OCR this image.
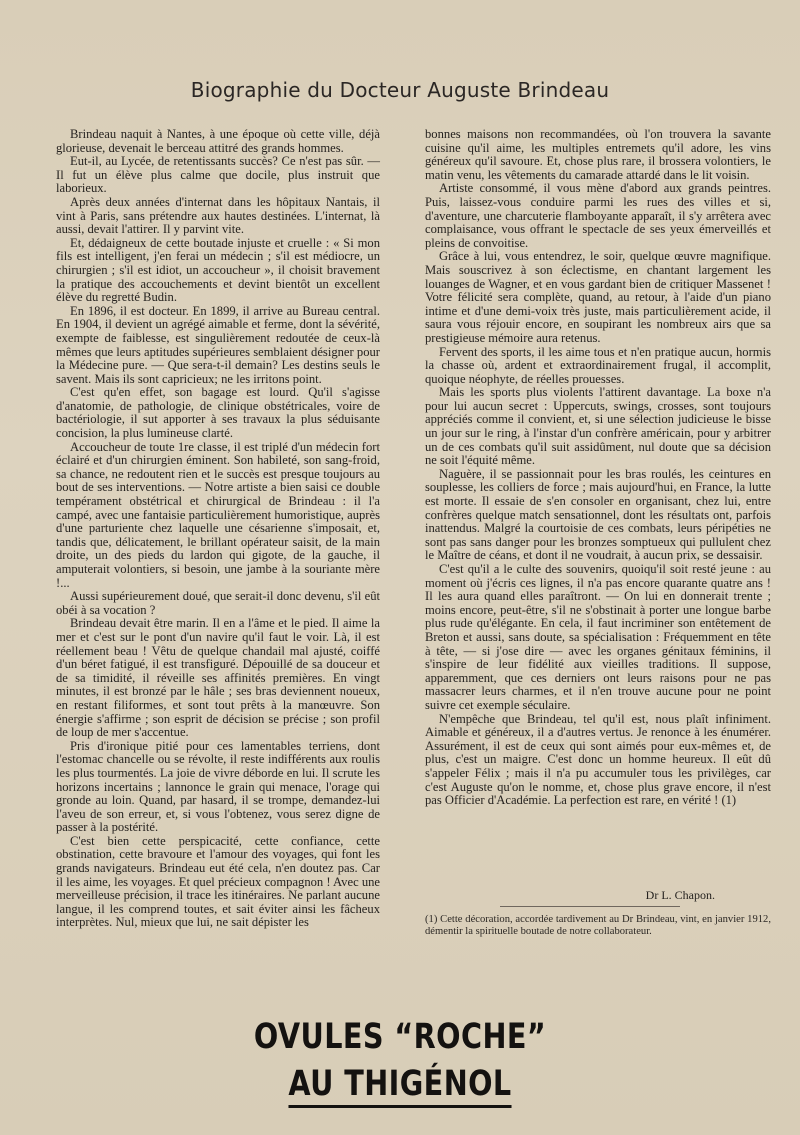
Biographie du Docteur Auguste Brindeau

Brindeau naquit à Nantes, à une époque où cette ville, déjà glorieuse, devenait le berceau attitré des grands hommes.

Eut-il, au Lycée, de retentissants succès? Ce n'est pas sûr. — Il fut un élève plus calme que docile, plus instruit que laborieux.

Après deux années d'internat dans les hôpitaux Nantais, il vint à Paris, sans prétendre aux hautes destinées. L'internat, là aussi, devait l'attirer. Il y parvint vite.

Et, dédaigneux de cette boutade injuste et cruelle : « Si mon fils est intelligent, j'en ferai un médecin ; s'il est médiocre, un chirurgien ; s'il est idiot, un accoucheur », il choisit bravement la pratique des accouchements et devint bientôt un excellent élève du regretté Budin.

En 1896, il est docteur. En 1899, il arrive au Bureau central. En 1904, il devient un agrégé aimable et ferme, dont la sévérité, exempte de faiblesse, est singulièrement redoutée de ceux-là mêmes que leurs aptitudes supérieures semblaient désigner pour la Médecine pure. — Que sera-t-il demain? Les destins seuls le savent. Mais ils sont capricieux; ne les irritons point.

C'est qu'en effet, son bagage est lourd. Qu'il s'agisse d'anatomie, de pathologie, de clinique obstétricales, voire de bactériologie, il sut apporter à ses travaux la plus séduisante concision, la plus lumineuse clarté.

Accoucheur de toute 1re classe, il est triplé d'un médecin fort éclairé et d'un chirurgien éminent. Son habileté, son sang-froid, sa chance, ne redoutent rien et le succès est presque toujours au bout de ses interventions. — Notre artiste a bien saisi ce double tempérament obstétrical et chirurgical de Brindeau : il l'a campé, avec une fantaisie particulièrement humoristique, auprès d'une parturiente chez laquelle une césarienne s'imposait, et, tandis que, délicatement, le brillant opérateur saisit, de la main droite, un des pieds du lardon qui gigote, de la gauche, il amputerait volontiers, si besoin, une jambe à la souriante mère !...

Aussi supérieurement doué, que serait-il donc devenu, s'il eût obéi à sa vocation ?

Brindeau devait être marin. Il en a l'âme et le pied. Il aime la mer et c'est sur le pont d'un navire qu'il faut le voir. Là, il est réellement beau ! Vêtu de quelque chandail mal ajusté, coiffé d'un béret fatigué, il est transfiguré. Dépouillé de sa douceur et de sa timidité, il réveille ses affinités premières. En vingt minutes, il est bronzé par le hâle ; ses bras deviennent noueux, en restant filiformes, et sont tout prêts à la manœuvre. Son énergie s'affirme ; son esprit de décision se précise ; son profil de loup de mer s'accentue.

Pris d'ironique pitié pour ces lamentables terriens, dont l'estomac chancelle ou se révolte, il reste indifférents aux roulis les plus tourmentés. La joie de vivre déborde en lui. Il scrute les horizons incertains ; lannonce le grain qui menace, l'orage qui gronde au loin. Quand, par hasard, il se trompe, demandez-lui l'aveu de son erreur, et, si vous l'obtenez, vous serez digne de passer à la postérité.

C'est bien cette perspicacité, cette confiance, cette obstination, cette bravoure et l'amour des voyages, qui font les grands navigateurs. Brindeau eut été cela, n'en doutez pas. Car il les aime, les voyages. Et quel précieux compagnon ! Avec une merveilleuse précision, il trace les itinéraires. Ne parlant aucune langue, il les comprend toutes, et sait éviter ainsi les fâcheux interprètes. Nul, mieux que lui, ne sait dépister les

bonnes maisons non recommandées, où l'on trouvera la savante cuisine qu'il aime, les multiples entremets qu'il adore, les vins généreux qu'il savoure. Et, chose plus rare, il brossera volontiers, le matin venu, les vêtements du camarade attardé dans le lit voisin.

Artiste consommé, il vous mène d'abord aux grands peintres. Puis, laissez-vous conduire parmi les rues des villes et si, d'aventure, une charcuterie flamboyante apparaît, il s'y arrêtera avec complaisance, vous offrant le spectacle de ses yeux émerveillés et pleins de convoitise.

Grâce à lui, vous entendrez, le soir, quelque œuvre magnifique. Mais souscrivez à son éclectisme, en chantant largement les louanges de Wagner, et en vous gardant bien de critiquer Massenet ! Votre félicité sera complète, quand, au retour, à l'aide d'un piano intime et d'une demi-voix très juste, mais particulièrement acide, il saura vous réjouir encore, en soupirant les nombreux airs que sa prestigieuse mémoire aura retenus.

Fervent des sports, il les aime tous et n'en pratique aucun, hormis la chasse où, ardent et extraordinairement frugal, il accomplit, quoique néophyte, de réelles prouesses.

Mais les sports plus violents l'attirent davantage. La boxe n'a pour lui aucun secret : Uppercuts, swings, crosses, sont toujours appréciés comme il convient, et, si une sélection judicieuse le bisse un jour sur le ring, à l'instar d'un confrère américain, pour y arbitrer un de ces combats qu'il suit assidûment, nul doute que sa décision ne soit l'équité même.

Naguère, il se passionnait pour les bras roulés, les ceintures en souplesse, les colliers de force ; mais aujourd'hui, en France, la lutte est morte. Il essaie de s'en consoler en organisant, chez lui, entre confrères quelque match sensationnel, dont les résultats ont, parfois inattendus. Malgré la courtoisie de ces combats, leurs péripéties ne sont pas sans danger pour les bronzes somptueux qui pullulent chez le Maître de céans, et dont il ne voudrait, à aucun prix, se dessaisir.

C'est qu'il a le culte des souvenirs, quoiqu'il soit resté jeune : au moment où j'écris ces lignes, il n'a pas encore quarante quatre ans ! Il les aura quand elles paraîtront. — On lui en donnerait trente ; moins encore, peut-être, s'il ne s'obstinait à porter une longue barbe plus rude qu'élégante. En cela, il faut incriminer son entêtement de Breton et aussi, sans doute, sa spécialisation : Fréquemment en tête à tête, — si j'ose dire — avec les organes génitaux féminins, il s'inspire de leur fidélité aux vieilles traditions. Il suppose, apparemment, que ces derniers ont leurs raisons pour ne pas massacrer leurs charmes, et il n'en trouve aucune pour ne point suivre cet exemple séculaire.

N'empêche que Brindeau, tel qu'il est, nous plaît infiniment. Aimable et généreux, il a d'autres vertus. Je renonce à les énumérer. Assurément, il est de ceux qui sont aimés pour eux-mêmes et, de plus, c'est un maigre. C'est donc un homme heureux. Il eût dû s'appeler Félix ; mais il n'a pu accumuler tous les privilèges, car c'est Auguste qu'on le nomme, et, chose plus grave encore, il n'est pas Officier d'Académie. La perfection est rare, en vérité ! (1)

Dr L. Chapon.
(1) Cette décoration, accordée tardivement au Dr Brindeau, vint, en janvier 1912, démentir la spirituelle boutade de notre collaborateur.
OVULES “ROCHE”
AU THIGÉNOL
